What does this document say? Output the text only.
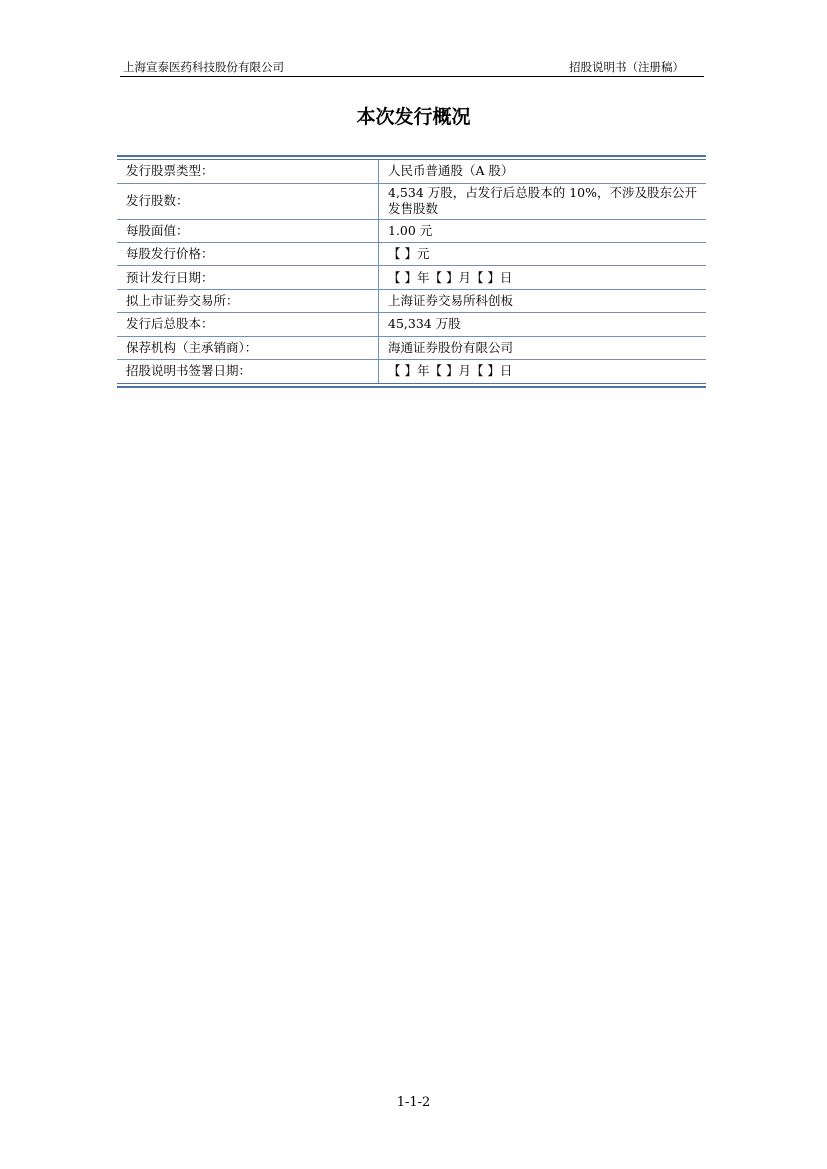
上海宣泰医药科技股份有限公司	招股说明书（注册稿）
本次发行概况
发行股票类型：	人民币普通股（A 股）
发行股数：	4,534 万股，占发行后总股本的 10%，不涉及股东公开发售股数
每股面值：	1.00 元
每股发行价格：	【 】元
预计发行日期：	【 】年【 】月【 】日
拟上市证券交易所：	上海证券交易所科创板
发行后总股本：	45,334 万股
保荐机构（主承销商）：	海通证券股份有限公司
招股说明书签署日期：	【 】年【 】月【 】日
1-1-2
